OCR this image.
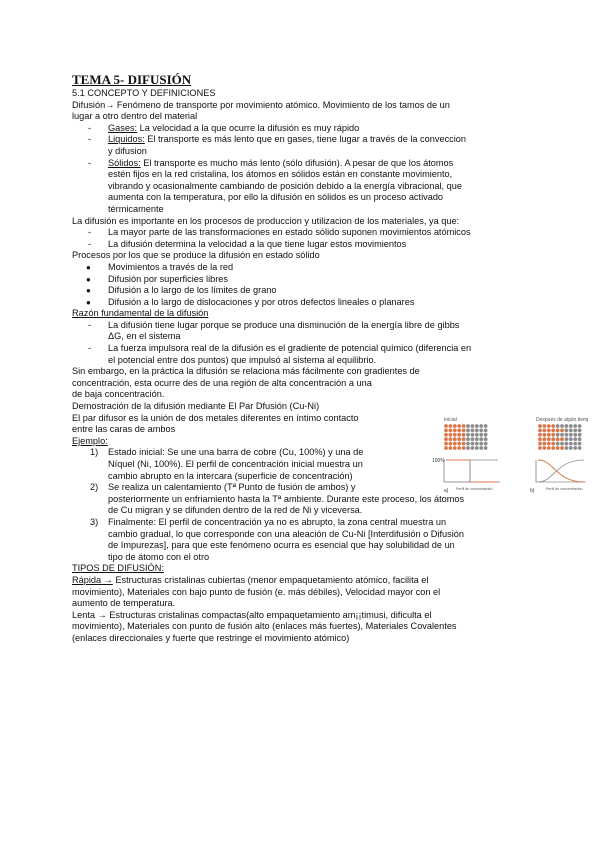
TEMA 5- DIFUSIÓN
5.1 CONCEPTO Y DEFINICIONES
Difusión→ Fenómeno de transporte por movimiento atómico. Movimiento de los tamos de un
lugar a otro dentro del material
-	Gases: La velocidad a la que ocurre la difusión es muy rápido
-	Liquidos: El transporte es más lento que en gases, tiene lugar a través de la conveccion
y difusion
-	Sólidos: El transporte es mucho más lento (sólo difusión). A pesar de que los átomos
estén fijos en la red cristalina, los átomos en sólidos están en constante movimiento,
vibrando y ocasionalmente cambiando de posición debido a la energía vibracional, que
aumenta con la temperatura, por ello la difusión en sólidos es un proceso activado
térmicamente
La difusión es importante en los procesos de produccion y utilizacion de los materiales, ya que:
-	La mayor parte de las transformaciones en estado sólido suponen movimientos atómicos
-	La difusión determina la velocidad a la que tiene lugar estos movimientos
Procesos por los que se produce la difusión en estado sólido
●	Movimientos a través de la red
●	Difusión por superficies libres
●	Difusión a lo largo de los límites de grano
●	Difusión a lo largo de dislocaciones y por otros defectos lineales o planares
Razón fundamental de la difusión
-	La difusión tiene lugar porque se produce una disminución de la energía libre de gibbs
ΔG, en el sistema
-	La fuerza impulsora real de la difusión es el gradiente de potencial químico (diferencia en
el potencial entre dos puntos) que impulsó al sistema al equilibrio.
Sin embargo, en la práctica la difusión se relaciona más fácilmente con gradientes de
concentración, esta ocurre des de una región de alta concentración a una
de baja concentración.
Demostración de la difusión mediante El Par Dfusión (Cu-Ni)
El par difusor es la unión de dos metales diferentes en íntimo contacto
entre las caras de ambos
Ejemplo:
1)	Estado inicial: Se une una barra de cobre (Cu, 100%) y una de
Níquel (Ni, 100%). El perfil de concentración inicial muestra un
cambio abrupto en la intercara (superficie de concentración)
2)	Se realiza un calentamiento (Tª Punto de fusión de ambos) y
posteriormente un enfriamiento hasta la Tª ambiente. Durante este proceso, los átomos
de Cu migran y se difunden dentro de la red de Ni y viceversa.
3)	Finalmente: El perfil de concentración ya no es abrupto, la zona central muestra un
cambio gradual, lo que corresponde con una aleación de Cu-Ni [Interdifusión o Difusión
de Impurezas], para que este fenómeno ocurra es esencial que hay solubilidad de un
tipo de átomo con el otro
TIPOS DE DIFUSIÓN:
Rápida → Estructuras cristalinas cubiertas (menor empaquetamiento atómico, facilita el
movimiento), Materiales con bajo punto de fusión (e. más débiles), Velocidad mayor con el
aumento de temperatura.
Lenta → Estructuras cristalinas compactas(alto empaquetamiento am¡¡timusi, dificulta el
movimiento), Materiales con punto de fusión alto (enlaces más fuertes), Materiales Covalentes
(enlaces direccionales y fuerte que restringe el movimiento atómico)
Inicial	Después de algún tiempo
100%
a) Perfil de concentración	b)	Perfil de concentración
